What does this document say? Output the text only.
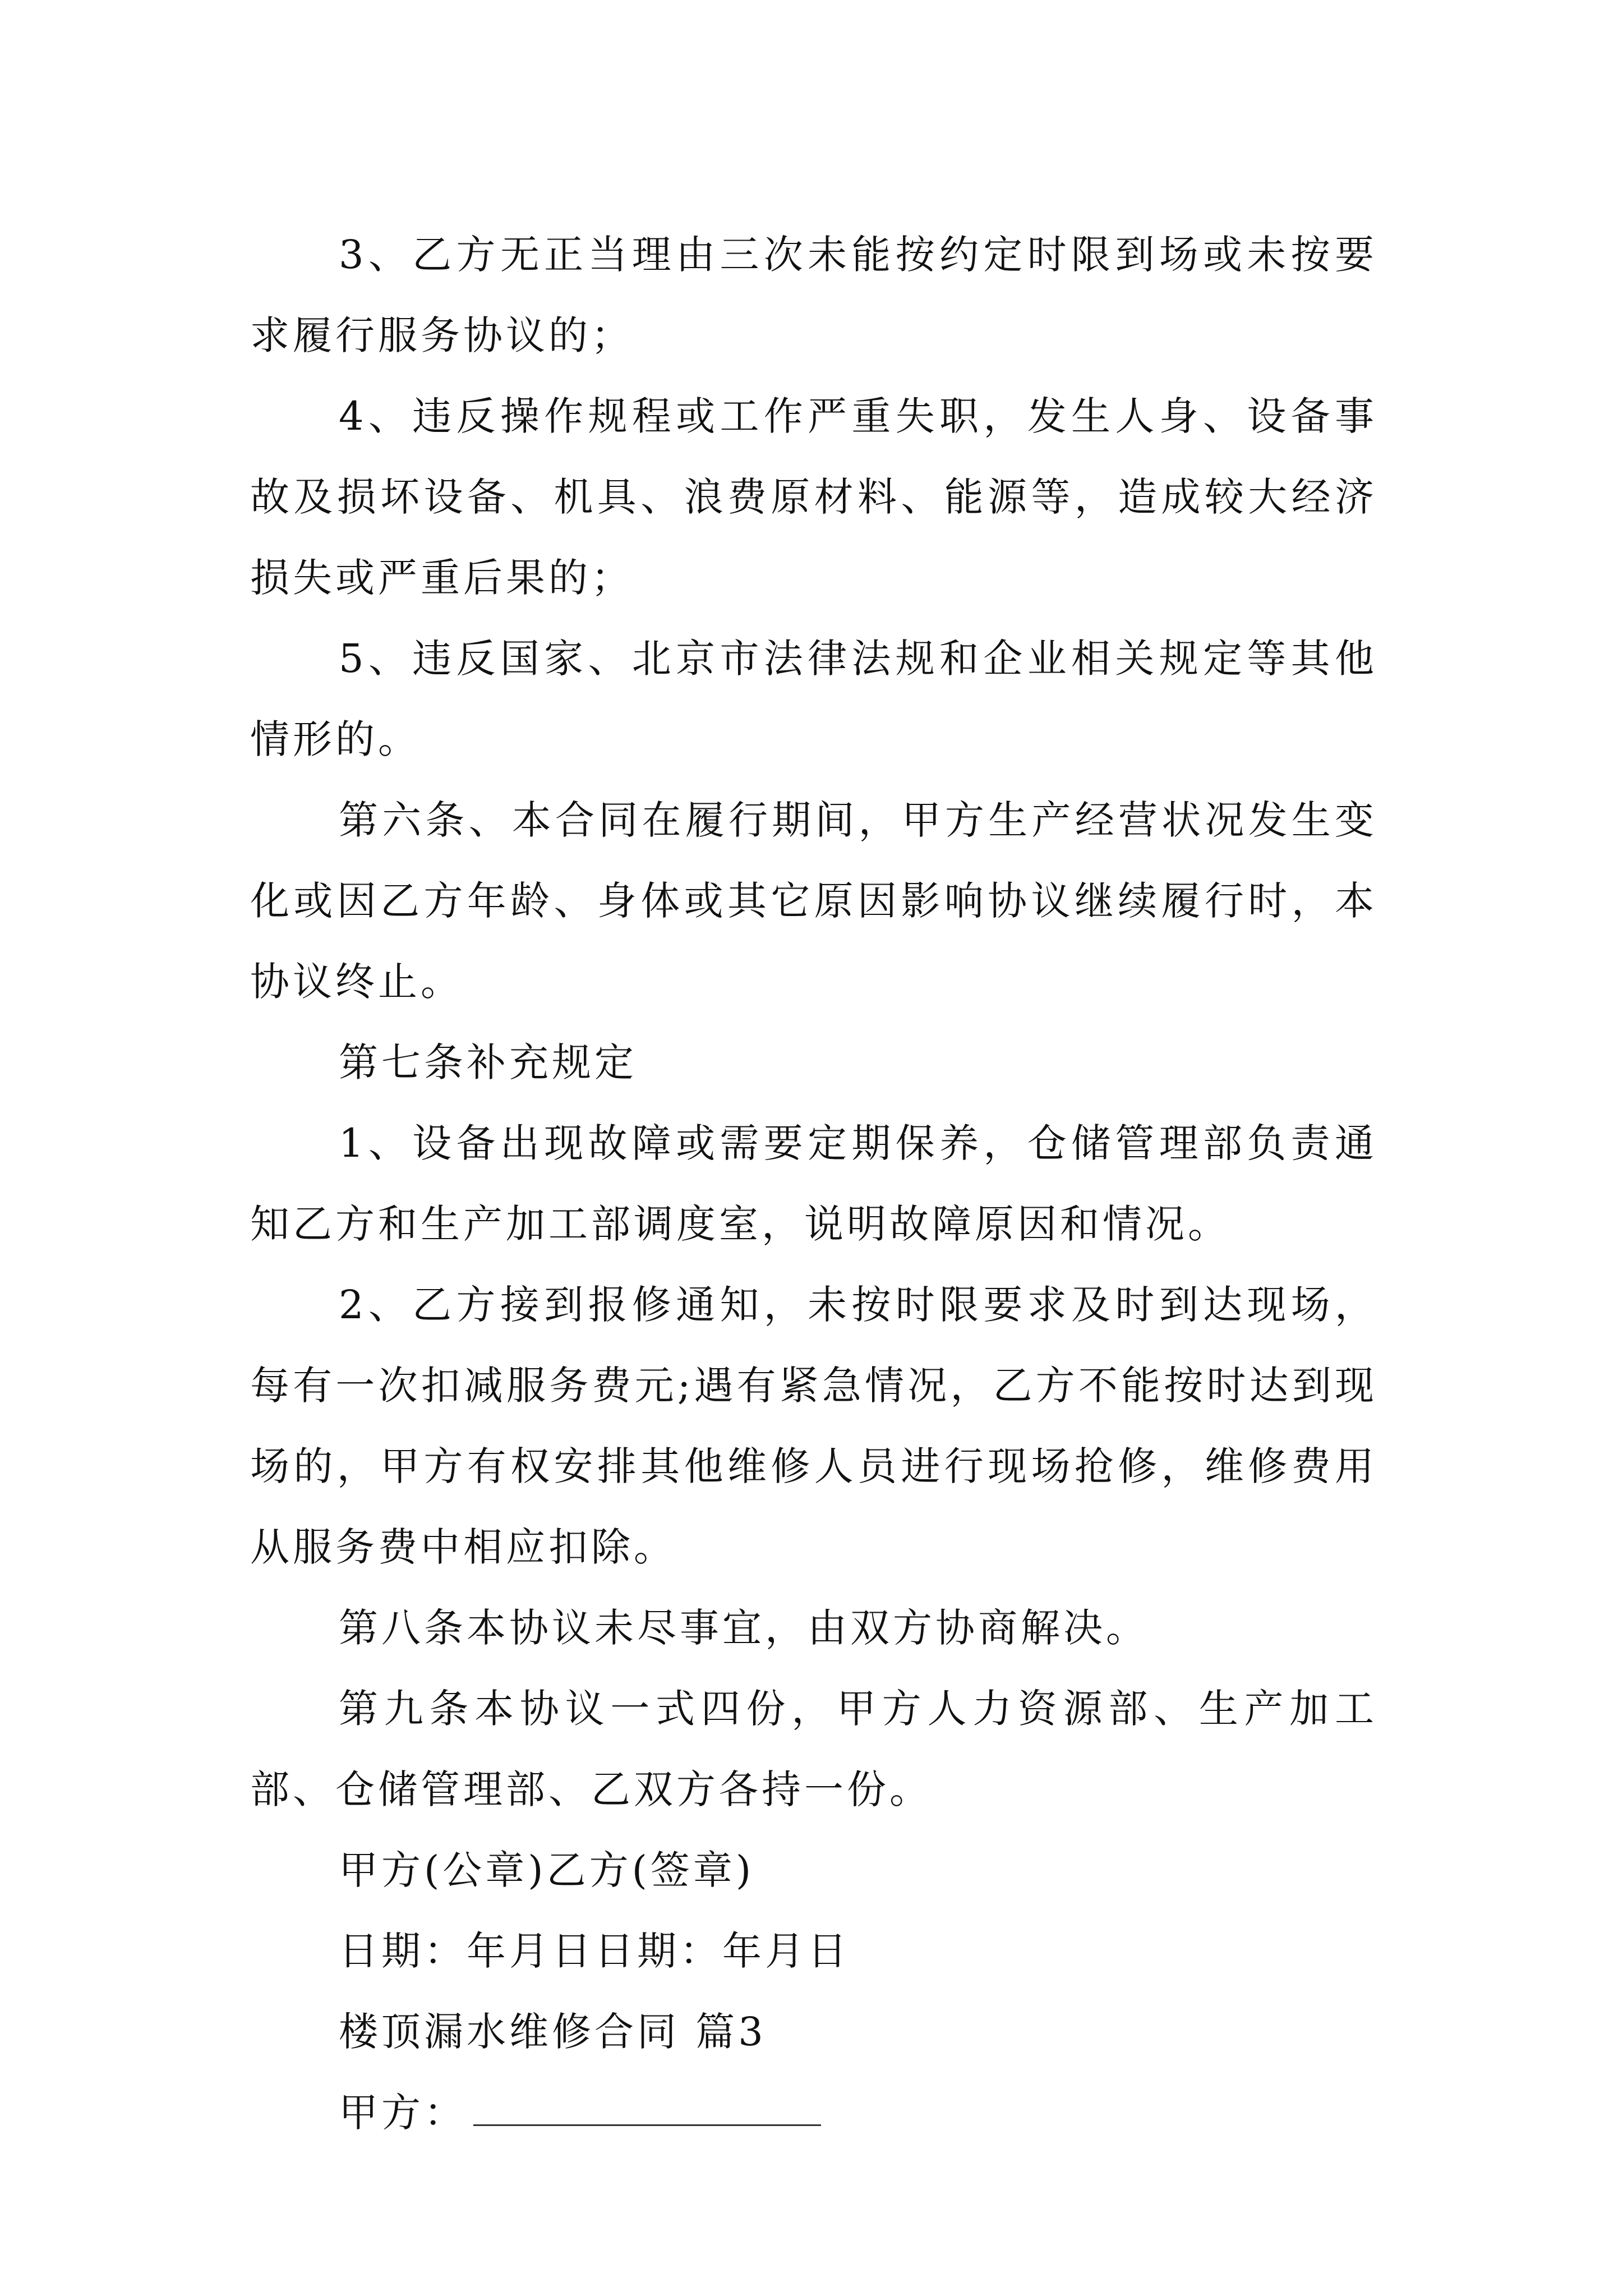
3、乙方无正当理由三次未能按约定时限到场或未按要求履行服务协议的；

4、违反操作规程或工作严重失职，发生人身、设备事故及损坏设备、机具、浪费原材料、能源等，造成较大经济损失或严重后果的；

5、违反国家、北京市法律法规和企业相关规定等其他情形的。

第六条、本合同在履行期间，甲方生产经营状况发生变化或因乙方年龄、身体或其它原因影响协议继续履行时，本协议终止。

第七条补充规定

1、设备出现故障或需要定期保养，仓储管理部负责通知乙方和生产加工部调度室，说明故障原因和情况。

2、乙方接到报修通知，未按时限要求及时到达现场，每有一次扣减服务费元;遇有紧急情况，乙方不能按时达到现场的，甲方有权安排其他维修人员进行现场抢修，维修费用从服务费中相应扣除。

第八条本协议未尽事宜，由双方协商解决。

第九条本协议一式四份，甲方人力资源部、生产加工部、仓储管理部、乙双方各持一份。

甲方(公章)乙方(签章)

日期：年月日日期：年月日

楼顶漏水维修合同 篇3

甲方：
